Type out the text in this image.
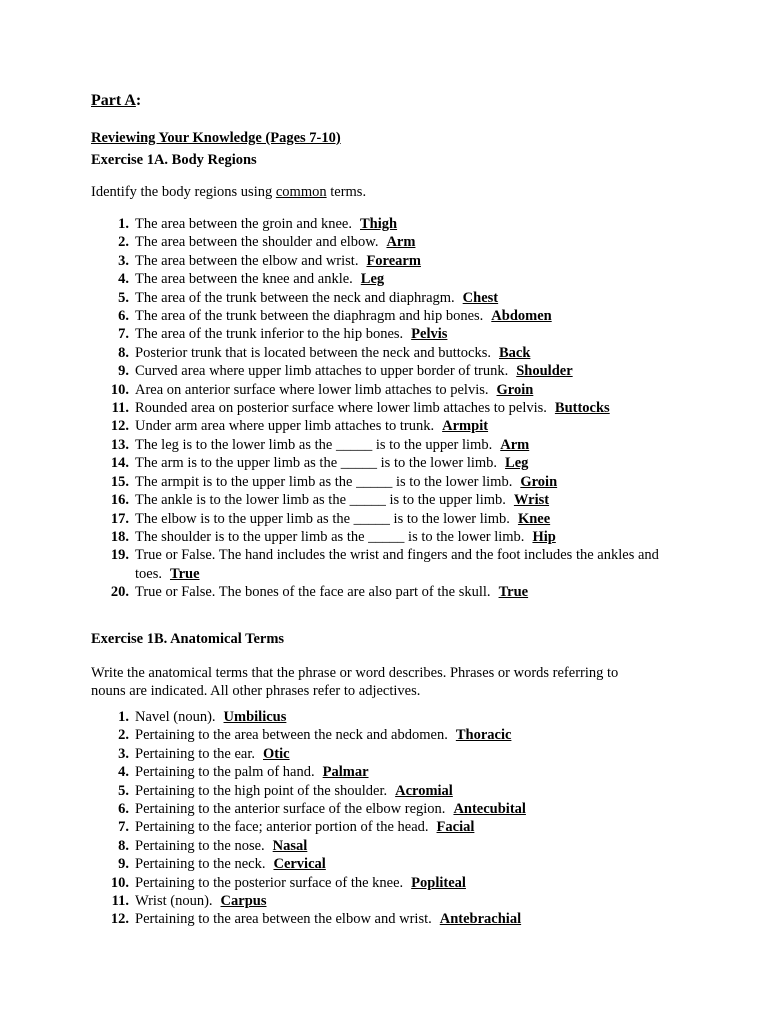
Part A:
Reviewing Your Knowledge (Pages 7-10)
Exercise 1A. Body Regions
Identify the body regions using common terms.
1. The area between the groin and knee. Thigh
2. The area between the shoulder and elbow. Arm
3. The area between the elbow and wrist. Forearm
4. The area between the knee and ankle. Leg
5. The area of the trunk between the neck and diaphragm. Chest
6. The area of the trunk between the diaphragm and hip bones. Abdomen
7. The area of the trunk inferior to the hip bones. Pelvis
8. Posterior trunk that is located between the neck and buttocks. Back
9. Curved area where upper limb attaches to upper border of trunk. Shoulder
10. Area on anterior surface where lower limb attaches to pelvis. Groin
11. Rounded area on posterior surface where lower limb attaches to pelvis. Buttocks
12. Under arm area where upper limb attaches to trunk. Armpit
13. The leg is to the lower limb as the _____ is to the upper limb. Arm
14. The arm is to the upper limb as the _____ is to the lower limb. Leg
15. The armpit is to the upper limb as the _____ is to the lower limb. Groin
16. The ankle is to the lower limb as the _____ is to the upper limb. Wrist
17. The elbow is to the upper limb as the _____ is to the lower limb. Knee
18. The shoulder is to the upper limb as the _____ is to the lower limb. Hip
19. True or False. The hand includes the wrist and fingers and the foot includes the ankles and toes. True
20. True or False. The bones of the face are also part of the skull. True
Exercise 1B. Anatomical Terms
Write the anatomical terms that the phrase or word describes. Phrases or words referring to
nouns are indicated. All other phrases refer to adjectives.
1. Navel (noun). Umbilicus
2. Pertaining to the area between the neck and abdomen. Thoracic
3. Pertaining to the ear. Otic
4. Pertaining to the palm of hand. Palmar
5. Pertaining to the high point of the shoulder. Acromial
6. Pertaining to the anterior surface of the elbow region. Antecubital
7. Pertaining to the face; anterior portion of the head. Facial
8. Pertaining to the nose. Nasal
9. Pertaining to the neck. Cervical
10. Pertaining to the posterior surface of the knee. Popliteal
11. Wrist (noun). Carpus
12. Pertaining to the area between the elbow and wrist. Antebrachial
